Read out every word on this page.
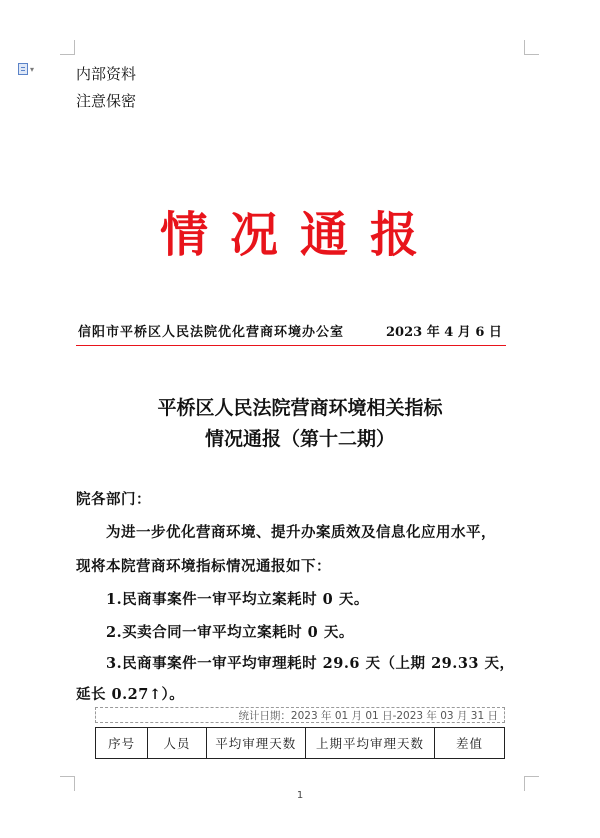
▾	内部资料
注意保密
情况通报
信阳市平桥区人民法院优化营商环境办公室	2023 年 4 月 6 日
平桥区人民法院营商环境相关指标
情况通报（第十二期）
院各部门：
为进一步优化营商环境、提升办案质效及信息化应用水平，
现将本院营商环境指标情况通报如下：
1.民商事案件一审平均立案耗时 0 天。
2.买卖合同一审平均立案耗时 0 天。
3.民商事案件一审平均审理耗时 29.6 天（上期 29.33 天，
延长 0.27↑）。
统计日期：2023 年 01 月 01 日-2023 年 03 月 31 日
序号	人员	平均审理天数	上期平均审理天数	差值
1
